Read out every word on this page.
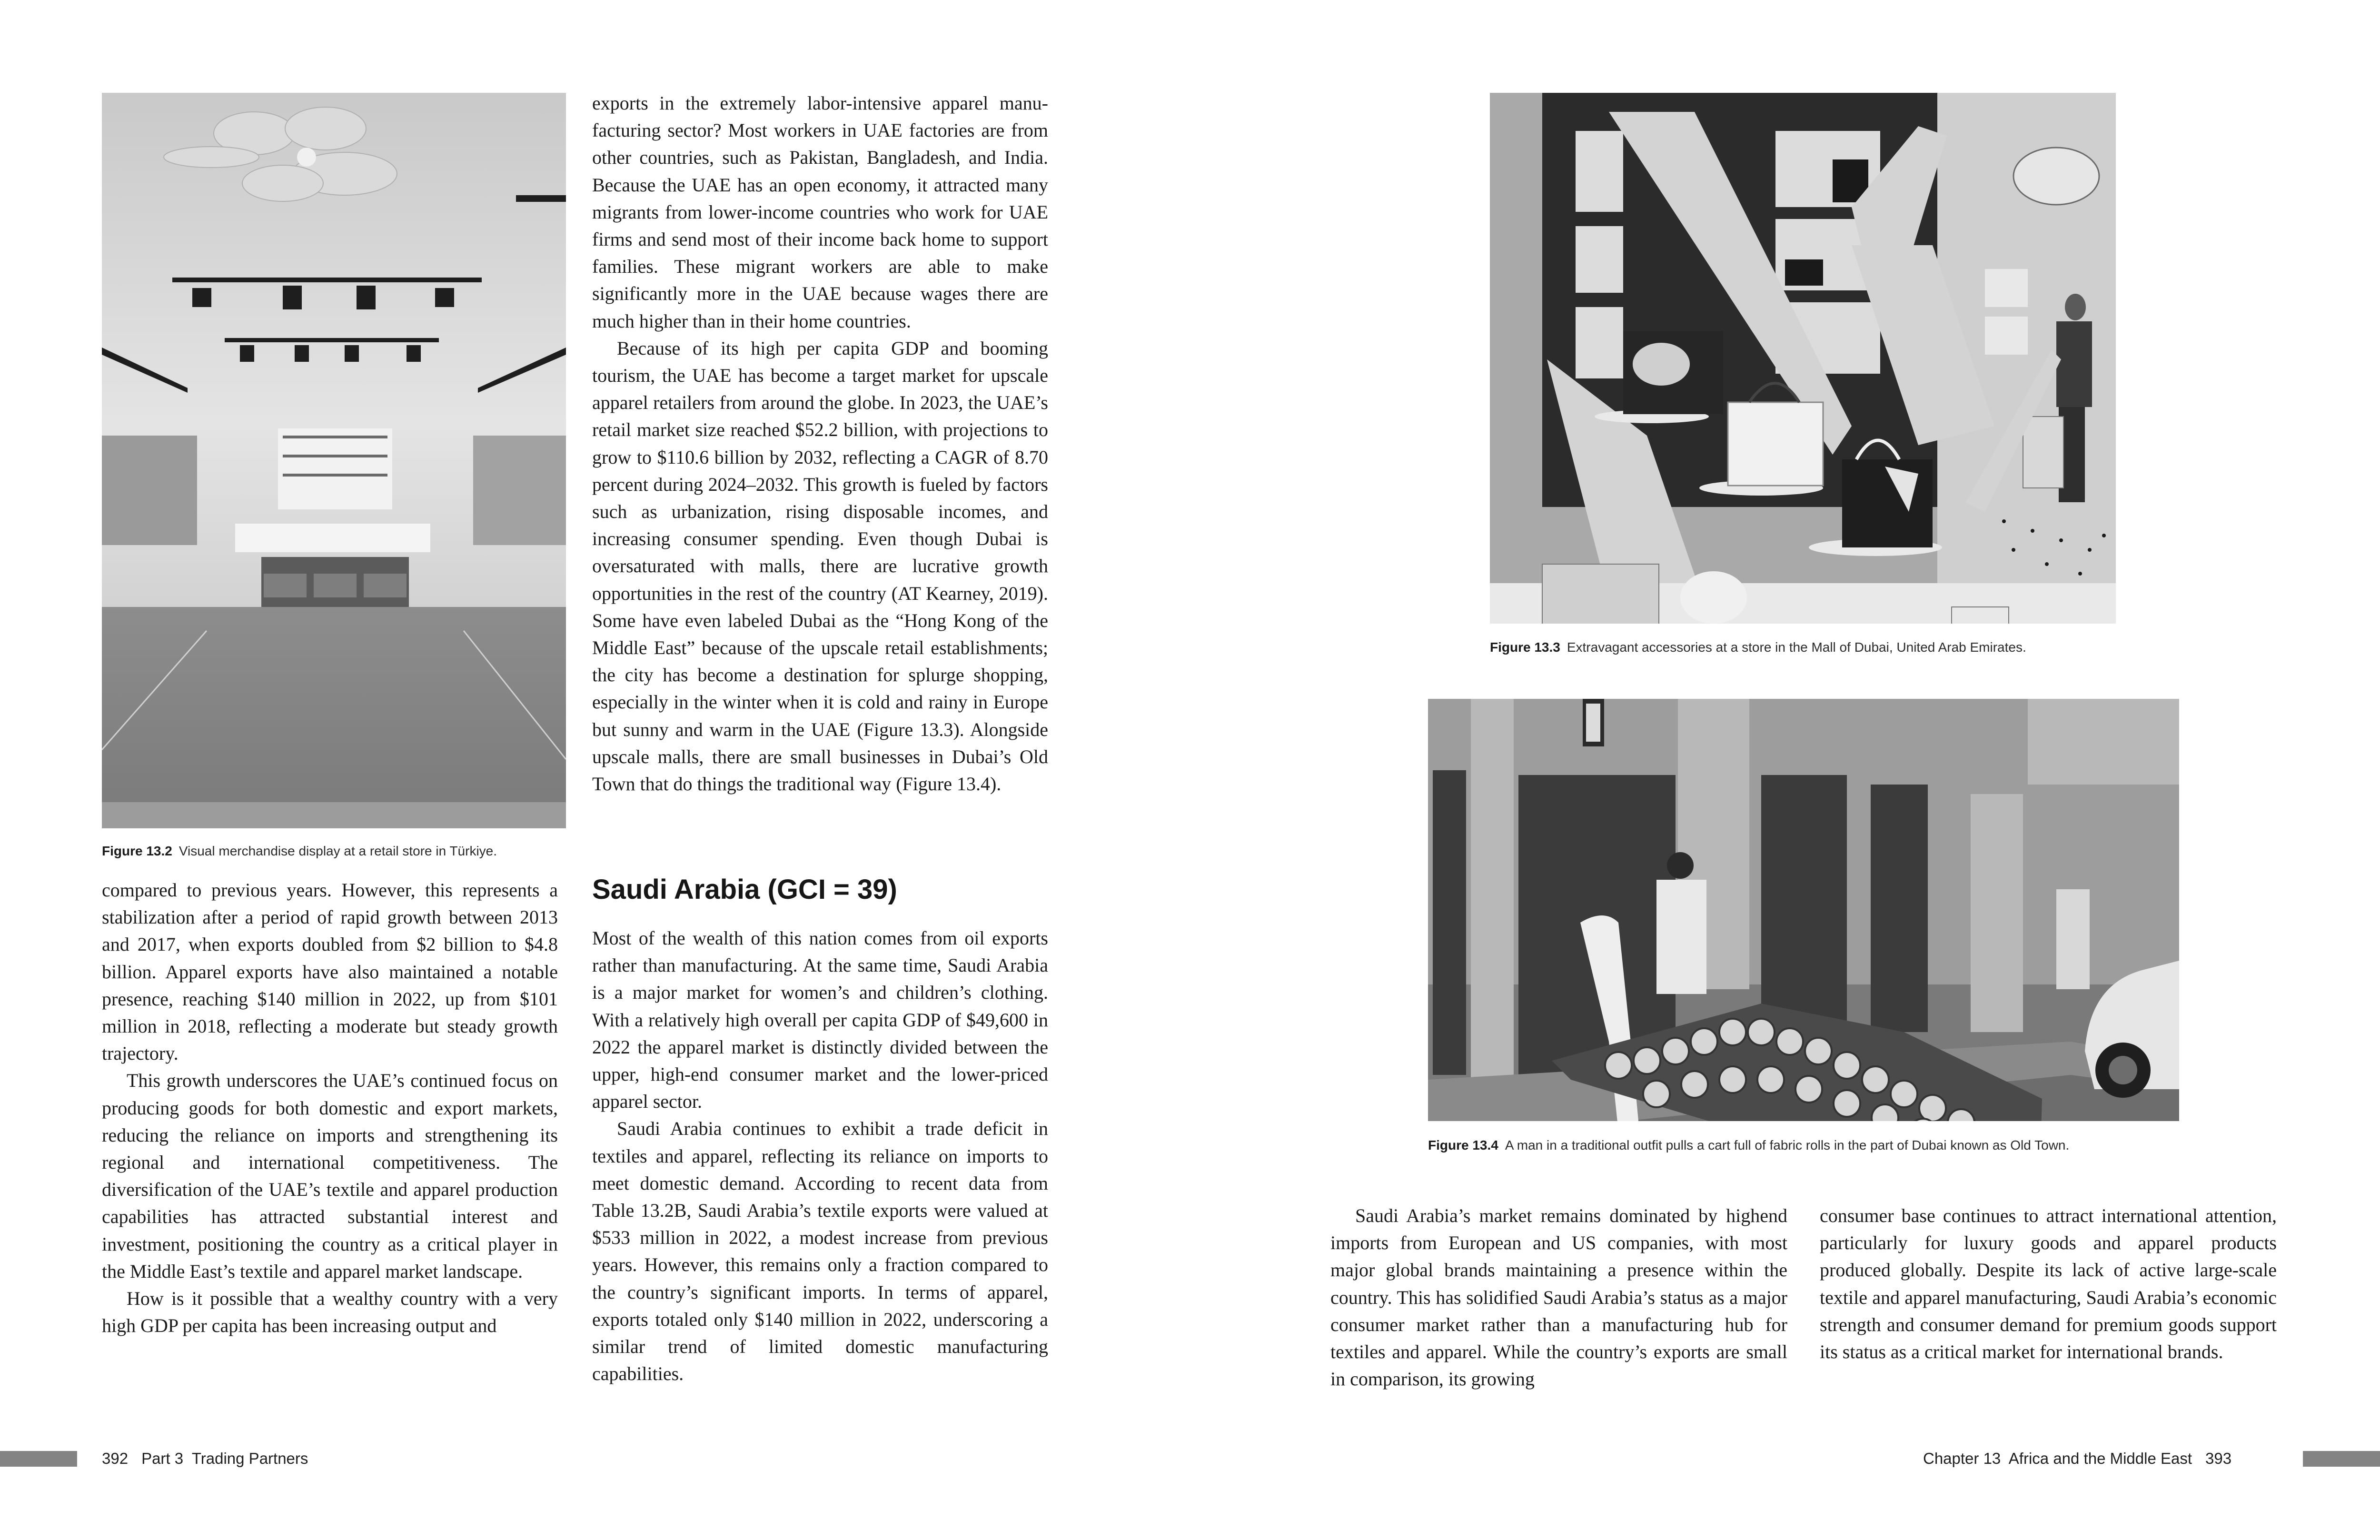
Figure 13.2 Visual merchandise display at a retail store in Türkiye.

compared to previous years. However, this represents a stabilization after a period of rapid growth between 2013 and 2017, when exports doubled from $2 billion to $4.8 billion. Apparel exports have also maintained a notable presence, reaching $140 million in 2022, up from $101 million in 2018, reflecting a moderate but steady growth trajectory.

This growth underscores the UAE’s continued focus on producing goods for both domestic and export markets, reducing the reliance on imports and strengthening its regional and international competitiveness. The diversification of the UAE’s textile and apparel production capabilities has attracted substantial interest and investment, positioning the country as a critical player in the Middle East’s textile and apparel market landscape.

How is it possible that a wealthy country with a very high GDP per capita has been increasing output and

exports in the extremely labor-intensive apparel manufacturing sector? Most workers in UAE factories are from other countries, such as Pakistan, Bangladesh, and India. Because the UAE has an open economy, it attracted many migrants from lower-income countries who work for UAE firms and send most of their income back home to support families. These migrant workers are able to make significantly more in the UAE because wages there are much higher than in their home countries.

Because of its high per capita GDP and booming tourism, the UAE has become a target market for upscale apparel retailers from around the globe. In 2023, the UAE’s retail market size reached $52.2 billion, with projections to grow to $110.6 billion by 2032, reflecting a CAGR of 8.70 percent during 2024–2032. This growth is fueled by factors such as urbanization, rising disposable incomes, and increasing consumer spending. Even though Dubai is oversaturated with malls, there are lucrative growth opportunities in the rest of the country (AT Kearney, 2019). Some have even labeled Dubai as the “Hong Kong of the Middle East” because of the upscale retail establishments; the city has become a destination for splurge shopping, especially in the winter when it is cold and rainy in Europe but sunny and warm in the UAE (Figure 13.3). Alongside upscale malls, there are small businesses in Dubai’s Old Town that do things the traditional way (Figure 13.4).

Saudi Arabia (GCI = 39)

Most of the wealth of this nation comes from oil exports rather than manufacturing. At the same time, Saudi Arabia is a major market for women’s and children’s clothing. With a relatively high overall per capita GDP of $49,600 in 2022 the apparel market is distinctly divided between the upper, high-end consumer market and the lower-priced apparel sector.

Saudi Arabia continues to exhibit a trade deficit in textiles and apparel, reflecting its reliance on imports to meet domestic demand. According to recent data from Table 13.2B, Saudi Arabia’s textile exports were valued at $533 million in 2022, a modest increase from previous years. However, this remains only a fraction compared to the country’s significant imports. In terms of apparel, exports totaled only $140 million in 2022, underscoring a similar trend of limited domestic manufacturing capabilities.

392 Part 3  Trading Partners
Figure 13.3 Extravagant accessories at a store in the Mall of Dubai, United Arab Emirates.
Figure 13.4 A man in a traditional outfit pulls a cart full of fabric rolls in the part of Dubai known as Old Town.

Saudi Arabia’s market remains dominated by highend imports from European and US companies, with most major global brands maintaining a presence within the country. This has solidified Saudi Arabia’s status as a major consumer market rather than a manufacturing hub for textiles and apparel. While the country’s exports are small in comparison, its growing

consumer base continues to attract international attention, particularly for luxury goods and apparel products produced globally. Despite its lack of active large-scale textile and apparel manufacturing, Saudi Arabia’s economic strength and consumer demand for premium goods support its status as a critical market for international brands.

Chapter 13  Africa and the Middle East 393
